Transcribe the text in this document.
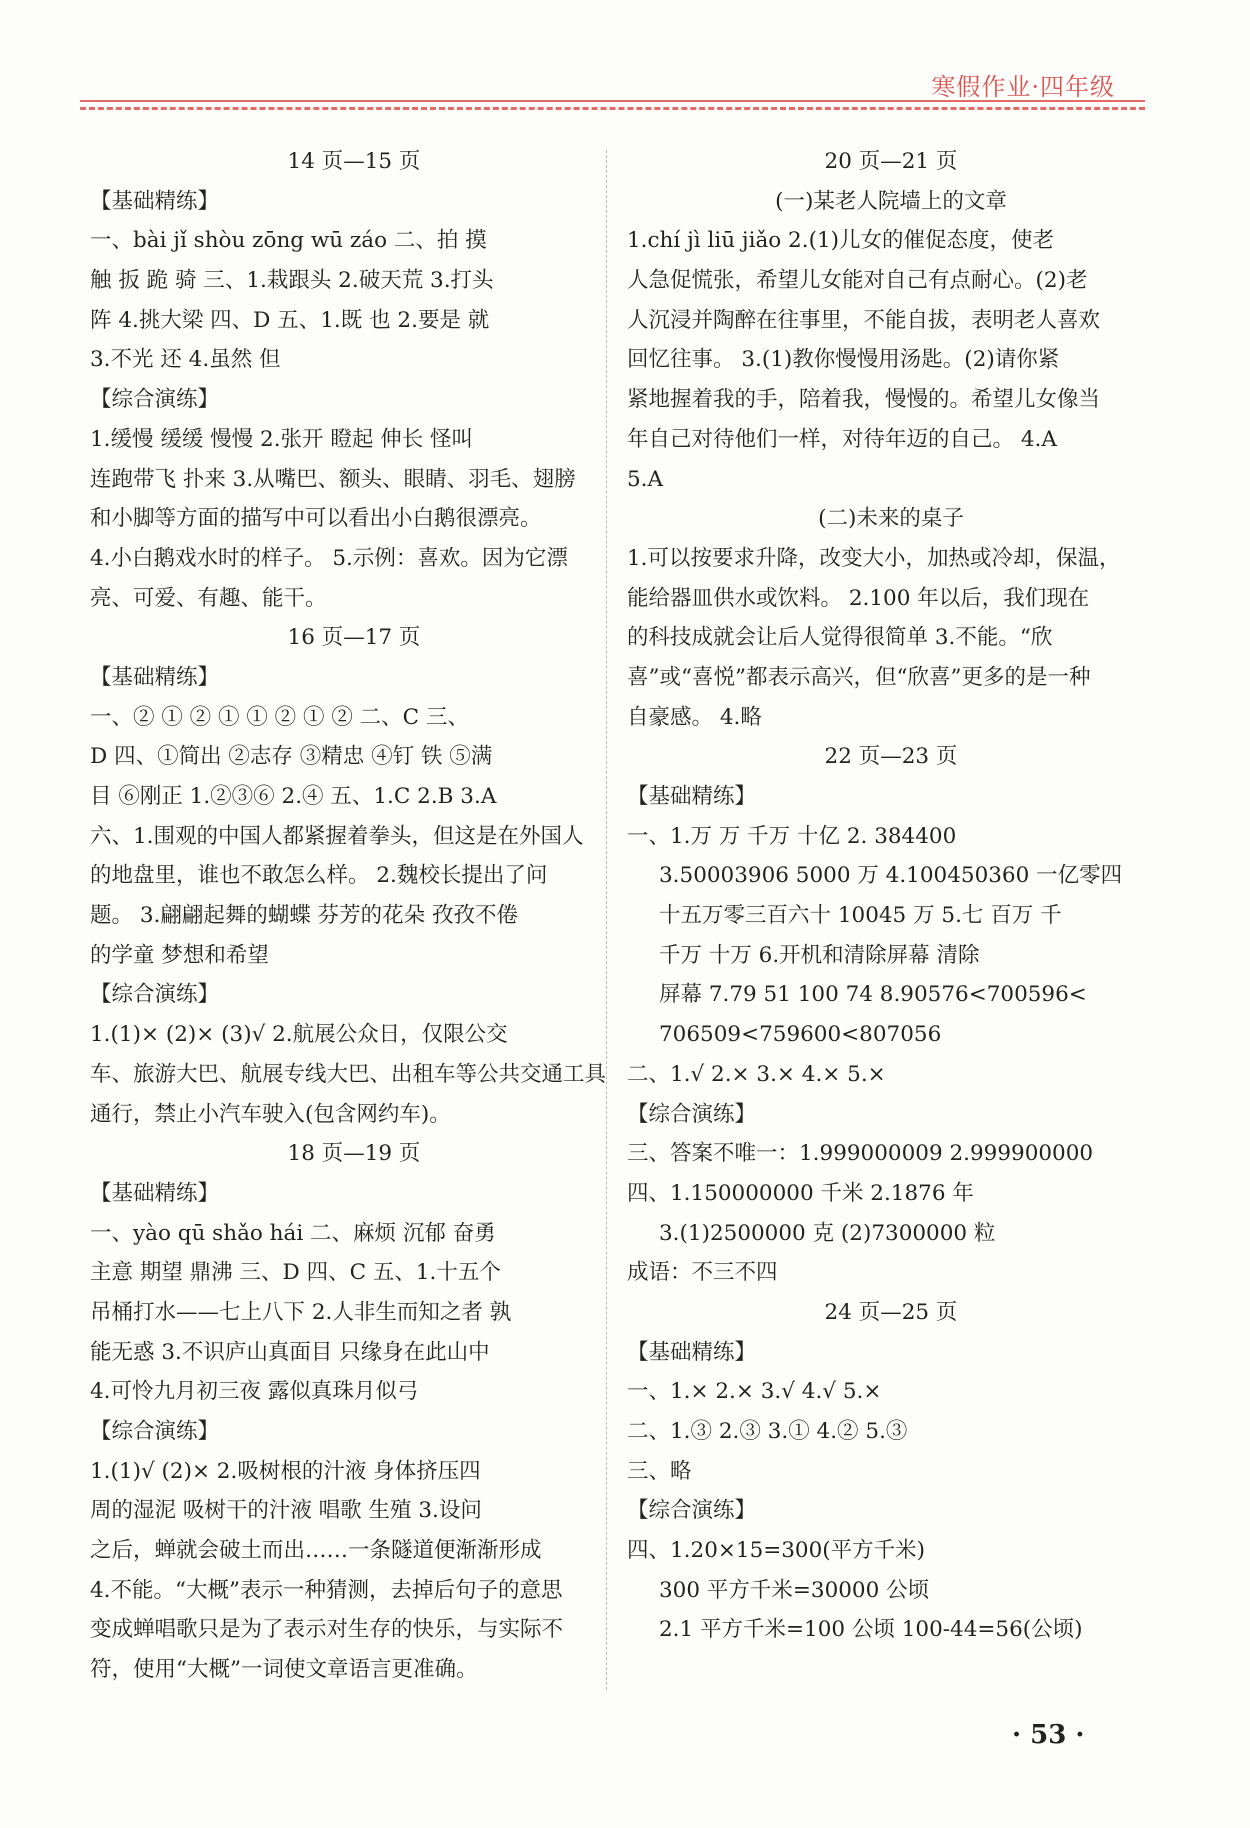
寒假作业·四年级
14 页—15 页
【基础精练】
一、bài jǐ shòu zōng wū záo 二、拍 摸
触 扳 跪 骑 三、1.栽跟头 2.破天荒 3.打头
阵 4.挑大梁 四、D 五、1.既 也 2.要是 就
3.不光 还 4.虽然 但
【综合演练】
1.缓慢 缓缓 慢慢 2.张开 瞪起 伸长 怪叫
连跑带飞 扑来 3.从嘴巴、额头、眼睛、羽毛、翅膀
和小脚等方面的描写中可以看出小白鹅很漂亮。
4.小白鹅戏水时的样子。 5.示例：喜欢。因为它漂
亮、可爱、有趣、能干。
16 页—17 页
【基础精练】
一、② ① ② ① ① ② ① ② 二、C 三、
D 四、①简出 ②志存 ③精忠 ④钉 铁 ⑤满
目 ⑥刚正 1.②③⑥ 2.④ 五、1.C 2.B 3.A
六、1.围观的中国人都紧握着拳头，但这是在外国人
的地盘里，谁也不敢怎么样。 2.魏校长提出了问
题。 3.翩翩起舞的蝴蝶 芬芳的花朵 孜孜不倦
的学童 梦想和希望
【综合演练】
1.(1)× (2)× (3)√ 2.航展公众日，仅限公交
车、旅游大巴、航展专线大巴、出租车等公共交通工具
通行，禁止小汽车驶入(包含网约车)。
18 页—19 页
【基础精练】
一、yào qū shǎo hái 二、麻烦 沉郁 奋勇
主意 期望 鼎沸 三、D 四、C 五、1.十五个
吊桶打水——七上八下 2.人非生而知之者 孰
能无惑 3.不识庐山真面目 只缘身在此山中
4.可怜九月初三夜 露似真珠月似弓
【综合演练】
1.(1)√ (2)× 2.吸树根的汁液 身体挤压四
周的湿泥 吸树干的汁液 唱歌 生殖 3.设问
之后，蝉就会破土而出……一条隧道便渐渐形成
4.不能。“大概”表示一种猜测，去掉后句子的意思
变成蝉唱歌只是为了表示对生存的快乐，与实际不
符，使用“大概”一词使文章语言更准确。
20 页—21 页
(一)某老人院墙上的文章
1.chí jì liū jiǎo 2.(1)儿女的催促态度，使老
人急促慌张，希望儿女能对自己有点耐心。(2)老
人沉浸并陶醉在往事里，不能自拔，表明老人喜欢
回忆往事。 3.(1)教你慢慢用汤匙。(2)请你紧
紧地握着我的手，陪着我，慢慢的。希望儿女像当
年自己对待他们一样，对待年迈的自己。 4.A
5.A
(二)未来的桌子
1.可以按要求升降，改变大小，加热或冷却，保温，
能给器皿供水或饮料。 2.100 年以后，我们现在
的科技成就会让后人觉得很简单 3.不能。“欣
喜”或“喜悦”都表示高兴，但“欣喜”更多的是一种
自豪感。 4.略
22 页—23 页
【基础精练】
一、1.万 万 千万 十亿 2. 384400
3.50003906 5000 万 4.100450360 一亿零四
十五万零三百六十 10045 万 5.七 百万 千
千万 十万 6.开机和清除屏幕 清除
屏幕 7.79 51 100 74 8.90576<700596<
706509<759600<807056
二、1.√ 2.× 3.× 4.× 5.×
【综合演练】
三、答案不唯一：1.999000009 2.999900000
四、1.150000000 千米 2.1876 年
3.(1)2500000 克 (2)7300000 粒
成语：不三不四
24 页—25 页
【基础精练】
一、1.× 2.× 3.√ 4.√ 5.×
二、1.③ 2.③ 3.① 4.② 5.③
三、略
【综合演练】
四、1.20×15=300(平方千米)
300 平方千米=30000 公顷
2.1 平方千米=100 公顷 100-44=56(公顷)
· 53 ·
